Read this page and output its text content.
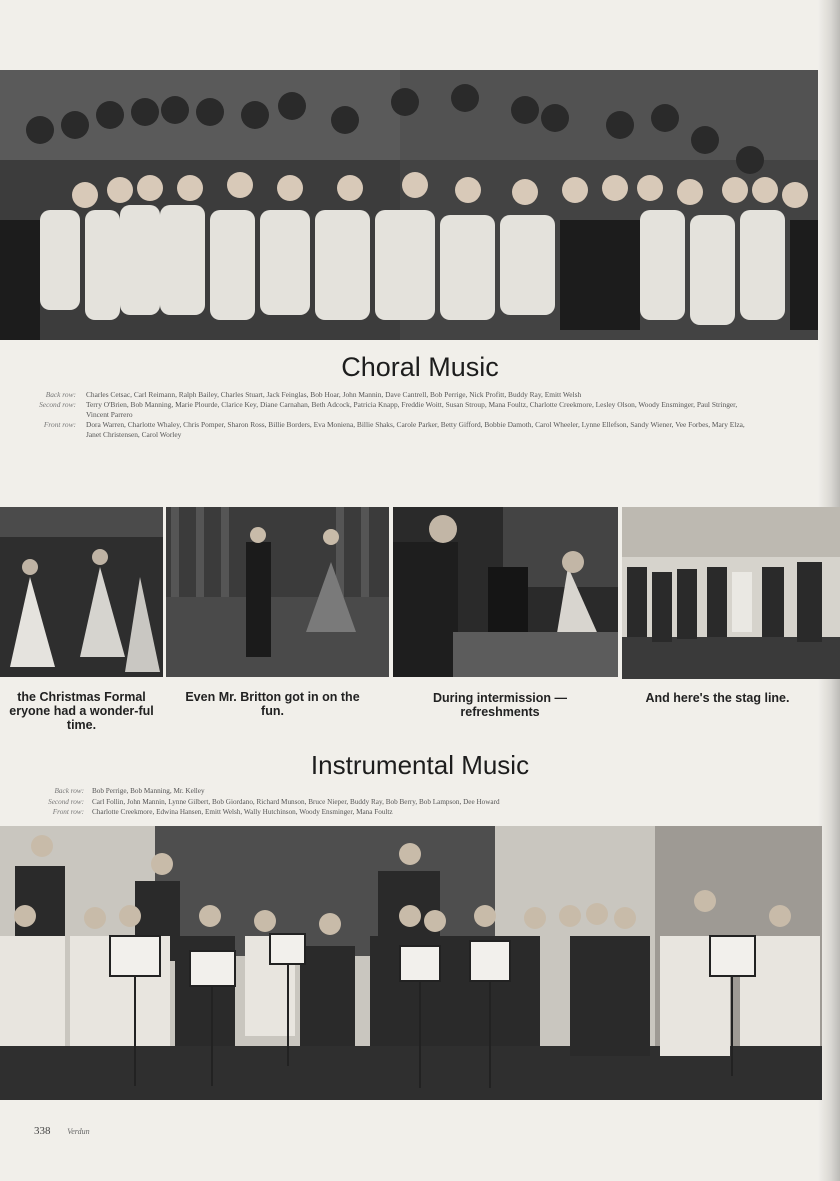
Choral Music
Back row:	Charles Cetsac, Carl Reimann, Ralph Bailey, Charles Stuart, Jack Feinglas, Bob Hoar, John Mannin, Dave Cantrell, Bob Perrige, Nick Profitt, Buddy Ray, Emitt Welsh
Second row:	Terry O'Brien, Bob Manning, Marie Plourde, Clarice Key, Diane Carnahan, Beth Adcock, Patricia Knapp, Freddie Woitt, Susan Stroup, Mana Foultz, Charlotte Creekmore, Lesley Olson, Woody Ensminger, Paul Stringer, Vincent Parrero
Front row:	Dora Warren, Charlotte Whaley, Chris Pomper, Sharon Ross, Billie Borders, Eva Moniena, Billie Shaks, Carole Parker, Betty Gifford, Bobbie Damoth, Carol Wheeler, Lynne Ellefson, Sandy Wiener, Vee Forbes, Mary Elza, Janet Christensen, Carol Worley
the Christmas Formal eryone had a wonder-ful time.
Even Mr. Britton got in on the fun.
During intermission — refreshments
And here's the stag line.
Instrumental Music
Back row:	Bob Perrige, Bob Manning, Mr. Kelley
Second row:	Carl Follin, John Mannin, Lynne Gilbert, Bob Giordano, Richard Munson, Bruce Nieper, Buddy Ray, Bob Berry, Bob Lampson, Dee Howard
Front row:	Charlotte Creekmore, Edwina Hansen, Emitt Welsh, Wally Hutchinson, Woody Ensminger, Mana Foultz
338 Verdun
